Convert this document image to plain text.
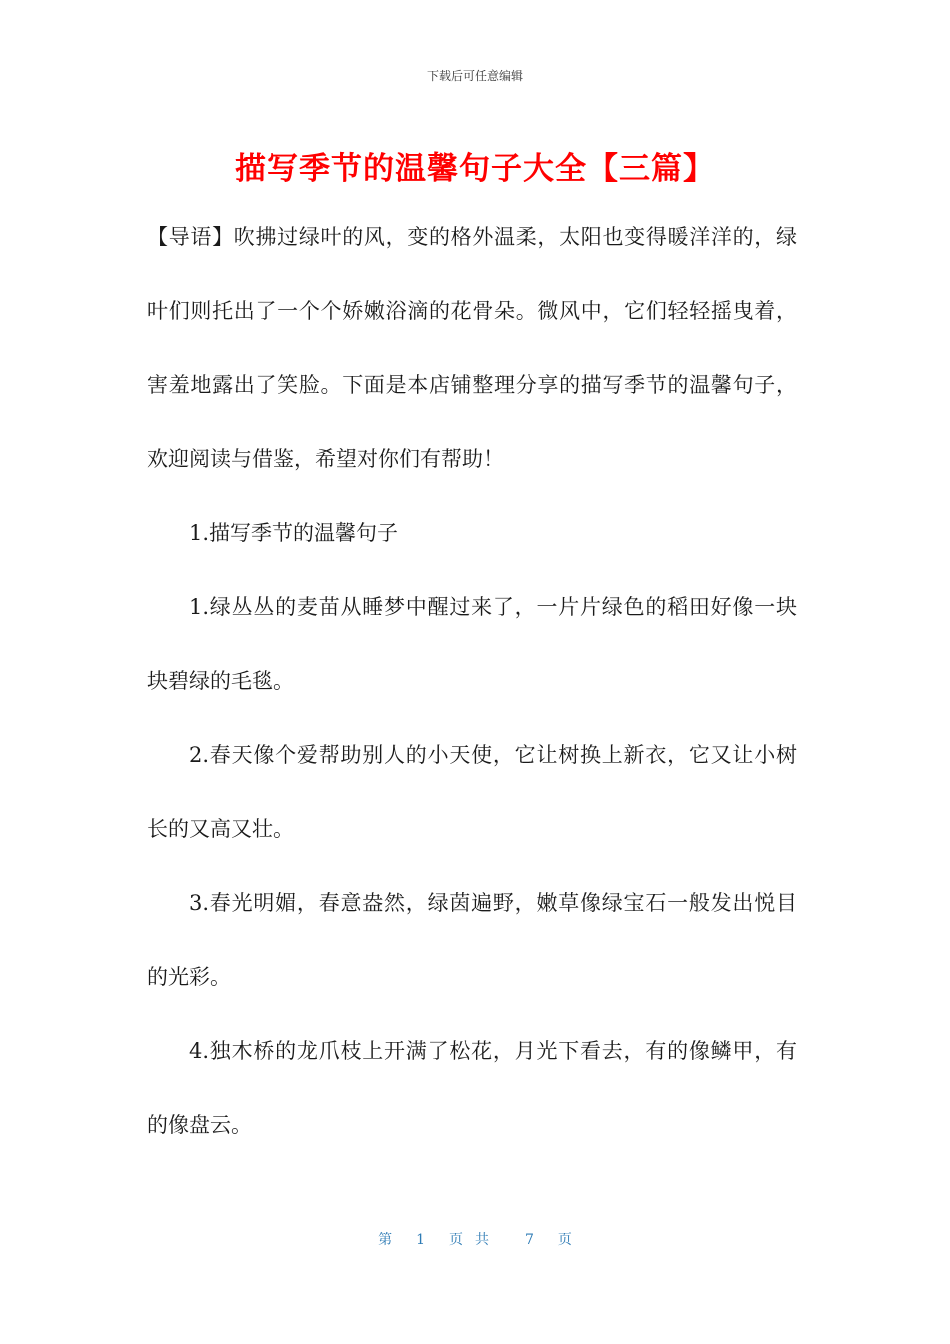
下载后可任意编辑
描写季节的温馨句子大全【三篇】

【导语】吹拂过绿叶的风，变的格外温柔，太阳也变得暖洋洋的，绿叶们则托出了一个个娇嫩浴滴的花骨朵。微风中，它们轻轻摇曳着，害羞地露出了笑脸。下面是本店铺整理分享的描写季节的温馨句子，欢迎阅读与借鉴，希望对你们有帮助！

1.描写季节的温馨句子

1.绿丛丛的麦苗从睡梦中醒过来了，一片片绿色的稻田好像一块块碧绿的毛毯。

2.春天像个爱帮助别人的小天使，它让树换上新衣，它又让小树长的又高又壮。

3.春光明媚，春意盎然，绿茵遍野，嫩草像绿宝石一般发出悦目的光彩。

4.独木桥的龙爪枝上开满了松花，月光下看去，有的像鳞甲，有的像盘云。

第 1 页共 7 页
